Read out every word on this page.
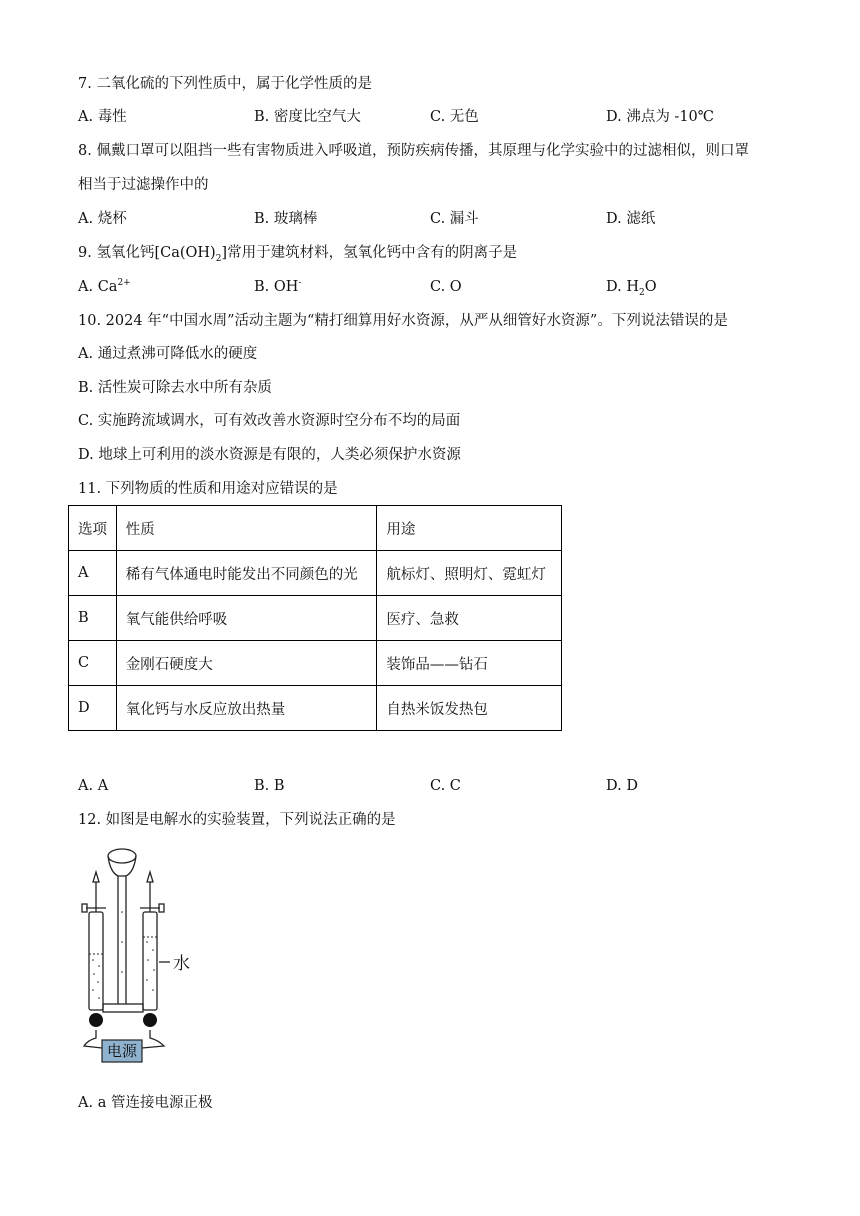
7. 二氧化硫的下列性质中，属于化学性质的是
A. 毒性	B. 密度比空气大	C. 无色	D. 沸点为 -10℃
8. 佩戴口罩可以阻挡一些有害物质进入呼吸道，预防疾病传播，其原理与化学实验中的过滤相似，则口罩
相当于过滤操作中的
A. 烧杯	B. 玻璃棒	C. 漏斗	D. 滤纸
9. 氢氧化钙$[Ca(OH)_2]$常用于建筑材料，氢氧化钙中含有的阴离子是
A. $Ca^{2+}$	B. OH-	C. O	D. $H_2O$
10. 2024 年“中国水周”活动主题为“精打细算用好水资源，从严从细管好水资源”。下列说法错误的是
A. 通过煮沸可降低水的硬度
B. 活性炭可除去水中所有杂质
C. 实施跨流域调水，可有效改善水资源时空分布不均的局面
D. 地球上可利用的淡水资源是有限的，人类必须保护水资源
11. 下列物质的性质和用途对应错误的是
选项	性质	用途
A	稀有气体通电时能发出不同颜色的光	航标灯、照明灯、霓虹灯
B	氧气能供给呼吸	医疗、急救
C	金刚石硬度大	装饰品——钻石
D	氧化钙与水反应放出热量	自热米饭发热包
A. A	B. B	C. C	D. D
12. 如图是电解水的实验装置，下列说法正确的是
电源
水
A. a 管连接电源正极
